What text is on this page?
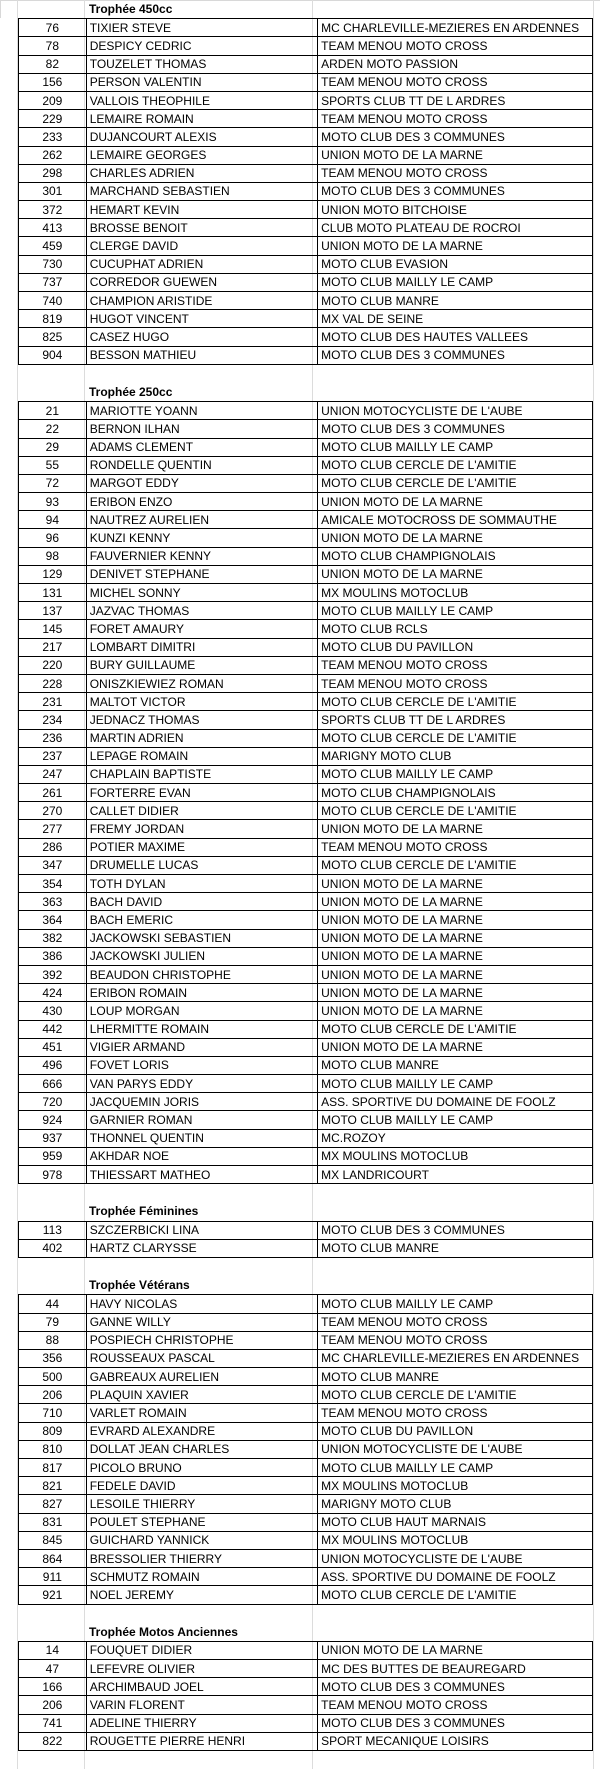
Trophée 450cc
76	TIXIER STEVE	MC CHARLEVILLE-MEZIERES EN ARDENNES
78	DESPICY CEDRIC	TEAM MENOU MOTO CROSS
82	TOUZELET THOMAS	ARDEN MOTO PASSION
156	PERSON VALENTIN	TEAM MENOU MOTO CROSS
209	VALLOIS THEOPHILE	SPORTS CLUB TT DE L ARDRES
229	LEMAIRE ROMAIN	TEAM MENOU MOTO CROSS
233	DUJANCOURT ALEXIS	MOTO CLUB DES 3 COMMUNES
262	LEMAIRE GEORGES	UNION MOTO DE LA MARNE
298	CHARLES ADRIEN	TEAM MENOU MOTO CROSS
301	MARCHAND SEBASTIEN	MOTO CLUB DES 3 COMMUNES
372	HEMART KEVIN	UNION MOTO BITCHOISE
413	BROSSE BENOIT	CLUB MOTO PLATEAU DE ROCROI
459	CLERGE DAVID	UNION MOTO DE LA MARNE
730	CUCUPHAT ADRIEN	MOTO CLUB EVASION
737	CORREDOR GUEWEN	MOTO CLUB MAILLY LE CAMP
740	CHAMPION ARISTIDE	MOTO CLUB MANRE
819	HUGOT VINCENT	MX VAL DE SEINE
825	CASEZ HUGO	MOTO CLUB DES HAUTES VALLEES
904	BESSON MATHIEU	MOTO CLUB DES 3 COMMUNES
Trophée 250cc
21	MARIOTTE YOANN	UNION MOTOCYCLISTE DE L'AUBE
22	BERNON ILHAN	MOTO CLUB DES 3 COMMUNES
29	ADAMS CLEMENT	MOTO CLUB MAILLY LE CAMP
55	RONDELLE QUENTIN	MOTO CLUB CERCLE DE L'AMITIE
72	MARGOT EDDY	MOTO CLUB CERCLE DE L'AMITIE
93	ERIBON ENZO	UNION MOTO DE LA MARNE
94	NAUTREZ AURELIEN	AMICALE MOTOCROSS DE SOMMAUTHE
96	KUNZI KENNY	UNION MOTO DE LA MARNE
98	FAUVERNIER KENNY	MOTO CLUB CHAMPIGNOLAIS
129	DENIVET STEPHANE	UNION MOTO DE LA MARNE
131	MICHEL SONNY	MX MOULINS MOTOCLUB
137	JAZVAC THOMAS	MOTO CLUB MAILLY LE CAMP
145	FORET AMAURY	MOTO CLUB RCLS
217	LOMBART DIMITRI	MOTO CLUB DU PAVILLON
220	BURY GUILLAUME	TEAM MENOU MOTO CROSS
228	ONISZKIEWIEZ ROMAN	TEAM MENOU MOTO CROSS
231	MALTOT VICTOR	MOTO CLUB CERCLE DE L'AMITIE
234	JEDNACZ THOMAS	SPORTS CLUB TT DE L ARDRES
236	MARTIN ADRIEN	MOTO CLUB CERCLE DE L'AMITIE
237	LEPAGE ROMAIN	MARIGNY MOTO CLUB
247	CHAPLAIN BAPTISTE	MOTO CLUB MAILLY LE CAMP
261	FORTERRE EVAN	MOTO CLUB CHAMPIGNOLAIS
270	CALLET DIDIER	MOTO CLUB CERCLE DE L'AMITIE
277	FREMY JORDAN	UNION MOTO DE LA MARNE
286	POTIER MAXIME	TEAM MENOU MOTO CROSS
347	DRUMELLE LUCAS	MOTO CLUB CERCLE DE L'AMITIE
354	TOTH DYLAN	UNION MOTO DE LA MARNE
363	BACH DAVID	UNION MOTO DE LA MARNE
364	BACH EMERIC	UNION MOTO DE LA MARNE
382	JACKOWSKI SEBASTIEN	UNION MOTO DE LA MARNE
386	JACKOWSKI JULIEN	UNION MOTO DE LA MARNE
392	BEAUDON CHRISTOPHE	UNION MOTO DE LA MARNE
424	ERIBON ROMAIN	UNION MOTO DE LA MARNE
430	LOUP MORGAN	UNION MOTO DE LA MARNE
442	LHERMITTE ROMAIN	MOTO CLUB CERCLE DE L'AMITIE
451	VIGIER ARMAND	UNION MOTO DE LA MARNE
496	FOVET LORIS	MOTO CLUB MANRE
666	VAN PARYS EDDY	MOTO CLUB MAILLY LE CAMP
720	JACQUEMIN JORIS	ASS. SPORTIVE DU DOMAINE DE FOOLZ
924	GARNIER ROMAN	MOTO CLUB MAILLY LE CAMP
937	THONNEL QUENTIN	MC.ROZOY
959	AKHDAR NOE	MX MOULINS MOTOCLUB
978	THIESSART MATHEO	MX LANDRICOURT
Trophée Féminines
113	SZCZERBICKI LINA	MOTO CLUB DES 3 COMMUNES
402	HARTZ CLARYSSE	MOTO CLUB MANRE
Trophée Vétérans
44	HAVY NICOLAS	MOTO CLUB MAILLY LE CAMP
79	GANNE WILLY	TEAM MENOU MOTO CROSS
88	POSPIECH CHRISTOPHE	TEAM MENOU MOTO CROSS
356	ROUSSEAUX PASCAL	MC CHARLEVILLE-MEZIERES EN ARDENNES
500	GABREAUX AURELIEN	MOTO CLUB MANRE
206	PLAQUIN XAVIER	MOTO CLUB CERCLE DE L'AMITIE
710	VARLET ROMAIN	TEAM MENOU MOTO CROSS
809	EVRARD ALEXANDRE	MOTO CLUB DU PAVILLON
810	DOLLAT JEAN CHARLES	UNION MOTOCYCLISTE DE L'AUBE
817	PICOLO BRUNO	MOTO CLUB MAILLY LE CAMP
821	FEDELE DAVID	MX MOULINS MOTOCLUB
827	LESOILE THIERRY	MARIGNY MOTO CLUB
831	POULET STEPHANE	MOTO CLUB HAUT MARNAIS
845	GUICHARD YANNICK	MX MOULINS MOTOCLUB
864	BRESSOLIER THIERRY	UNION MOTOCYCLISTE DE L'AUBE
911	SCHMUTZ ROMAIN	ASS. SPORTIVE DU DOMAINE DE FOOLZ
921	NOEL JEREMY	MOTO CLUB CERCLE DE L'AMITIE
Trophée Motos Anciennes
14	FOUQUET DIDIER	UNION MOTO DE LA MARNE
47	LEFEVRE OLIVIER	MC DES BUTTES DE BEAUREGARD
166	ARCHIMBAUD JOEL	MOTO CLUB DES 3 COMMUNES
206	VARIN FLORENT	TEAM MENOU MOTO CROSS
741	ADELINE THIERRY	MOTO CLUB DES 3 COMMUNES
822	ROUGETTE PIERRE HENRI	SPORT MECANIQUE LOISIRS
